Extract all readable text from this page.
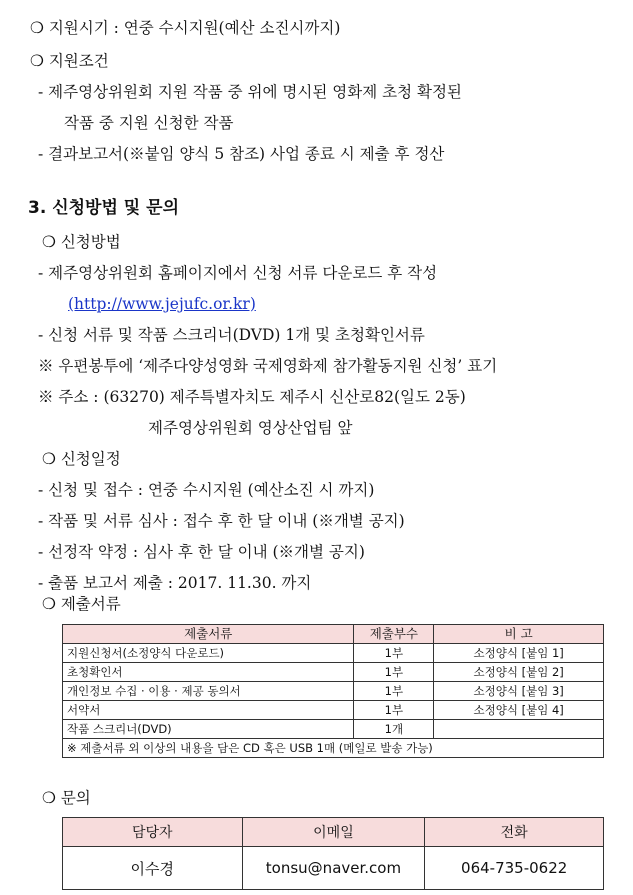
❍ 지원시기 : 연중 수시지원(예산 소진시까지)
❍ 지원조건
- 제주영상위원회 지원 작품 중 위에 명시된 영화제 초청 확정된
작품 중 지원 신청한 작품
- 결과보고서(※붙임 양식 5 참조) 사업 종료 시 제출 후 정산
3. 신청방법 및 문의
❍ 신청방법
- 제주영상위원회 홈페이지에서 신청 서류 다운로드 후 작성
(http://www.jejufc.or.kr)
- 신청 서류 및 작품 스크리너(DVD) 1개 및 초청확인서류
※ 우편봉투에 ‘제주다양성영화 국제영화제 참가활동지원 신청’ 표기
※ 주소 : (63270) 제주특별자치도 제주시 신산로82(일도 2동)
제주영상위원회 영상산업팀 앞
❍ 신청일정
- 신청 및 접수 : 연중 수시지원 (예산소진 시 까지)
- 작품 및 서류 심사 : 접수 후 한 달 이내 (※개별 공지)
- 선정작 약정 : 심사 후 한 달 이내 (※개별 공지)
- 출품 보고서 제출 : 2017. 11.30. 까지
❍ 제출서류
제출서류	제출부수	비 고
지원신청서(소정양식 다운로드)	1부	소정양식 [붙임 1]
초청확인서	1부	소정양식 [붙임 2]
개인정보 수집 · 이용 · 제공 동의서	1부	소정양식 [붙임 3]
서약서	1부	소정양식 [붙임 4]
작품 스크리너(DVD)	1개	
※ 제출서류 외 이상의 내용을 담은 CD 혹은 USB 1매 (메일로 발송 가능)		
❍ 문의
담당자	이메일	전화
이수경	tonsu@naver.com	064-735-0622
